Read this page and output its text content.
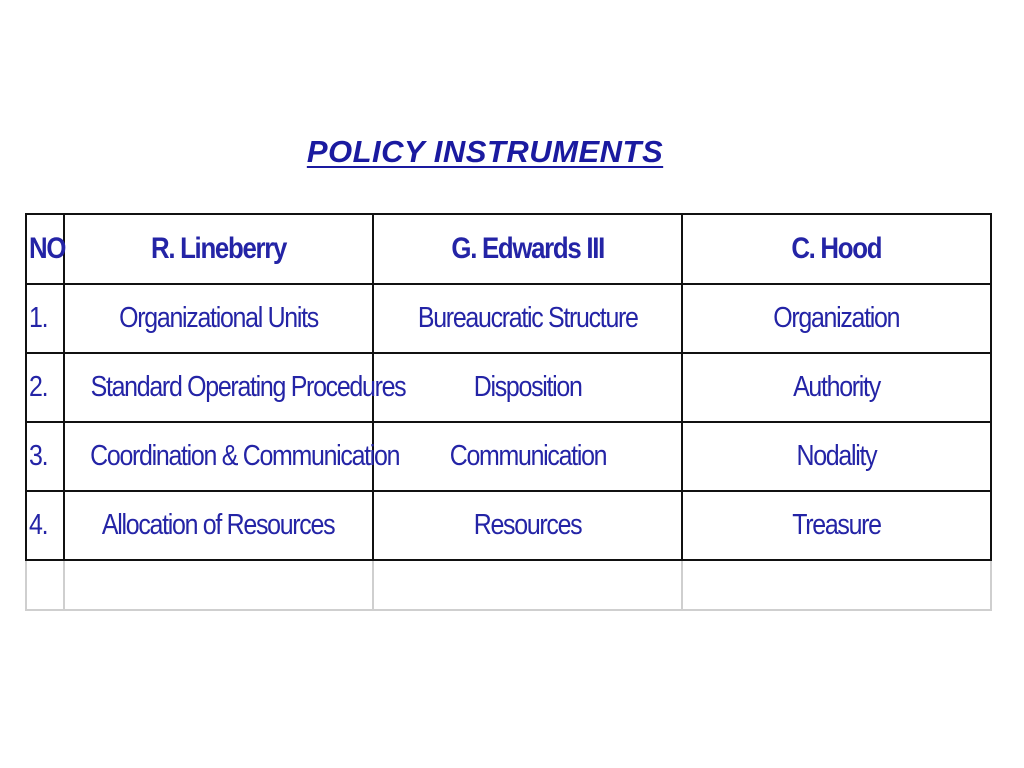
POLICY INSTRUMENTS
NO	R. Lineberry	G. Edwards III	C. Hood
1.	Organizational Units	Bureaucratic Structure	Organization
2.	Standard Operating Procedures	Disposition	Authority
3.	Coordination & Communication	Communication	Nodality
4.	Allocation of Resources	Resources	Treasure
